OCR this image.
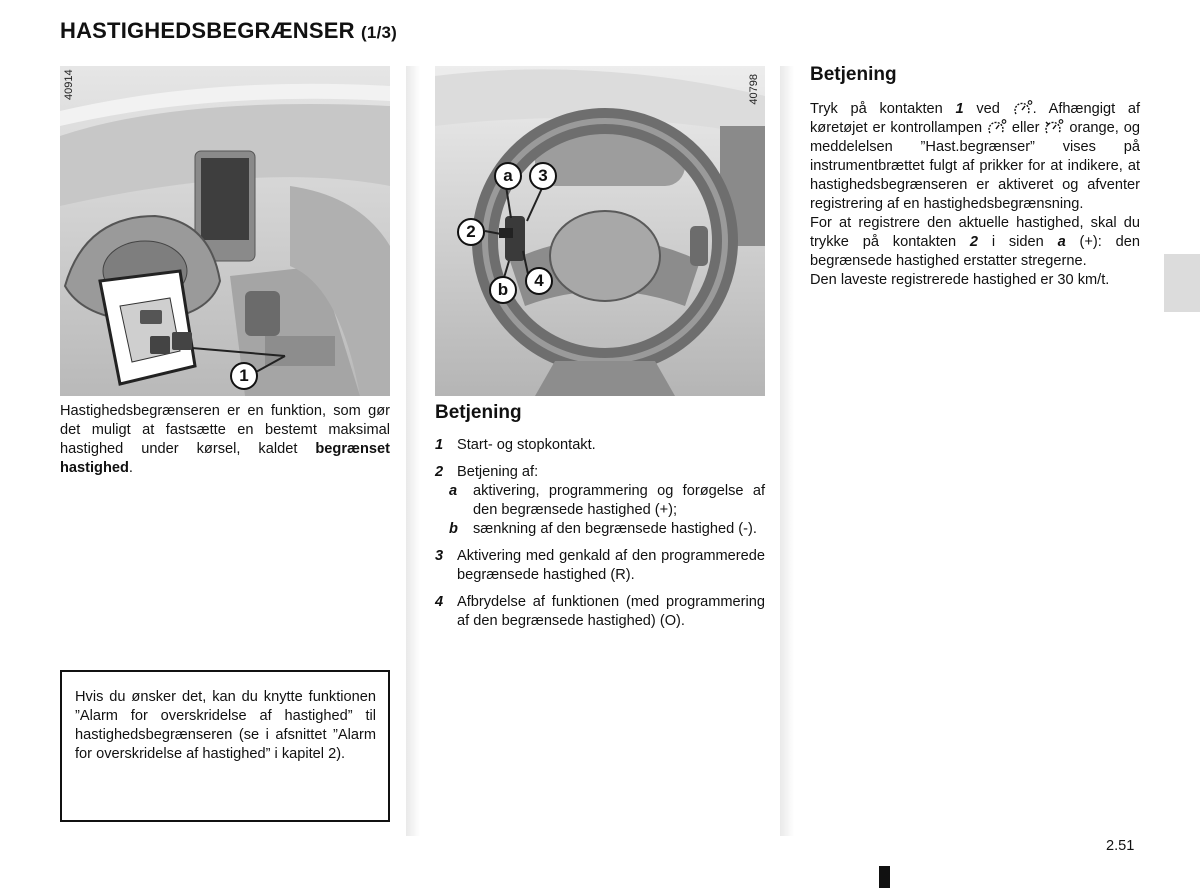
HASTIGHEDSBEGRÆNSER (1/3)
40914
1
40798
a	3
2
4
b
Hastighedsbegrænseren er en funktion, som gør det muligt at fastsætte en bestemt maksimal hastighed under kørsel, kaldet begrænset hastighed.
Hvis du ønsker det, kan du knytte funktionen ”Alarm for overskridelse af hastighed” til hastighedsbegrænseren (se i afsnittet ”Alarm for overskridelse af hastighed” i kapitel 2).
Betjening
1 Start- og stopkontakt.
2 Betjening af:
a aktivering, programmering og forøgelse af den begrænsede hastighed (+);
b sænkning af den begrænsede hastighed (-).
3 Aktivering med genkald af den programmerede begrænsede hastighed (R).
4 Afbrydelse af funktionen (med programmering af den begrænsede hastighed) (O).
Betjening
Tryk på kontakten 1 ved . Afhængigt af køretøjet er kontrollampen  eller  orange, og meddelelsen ”Hast.begrænser” vises på instrumentbrættet fulgt af prikker for at indikere, at hastighedsbegrænseren er aktiveret og afventer registrering af en hastighedsbegrænsning.
For at registrere den aktuelle hastighed, skal du trykke på kontakten 2 i siden a (+): den begrænsede hastighed erstatter stregerne.
Den laveste registrerede hastighed er 30 km/t.
2.51
